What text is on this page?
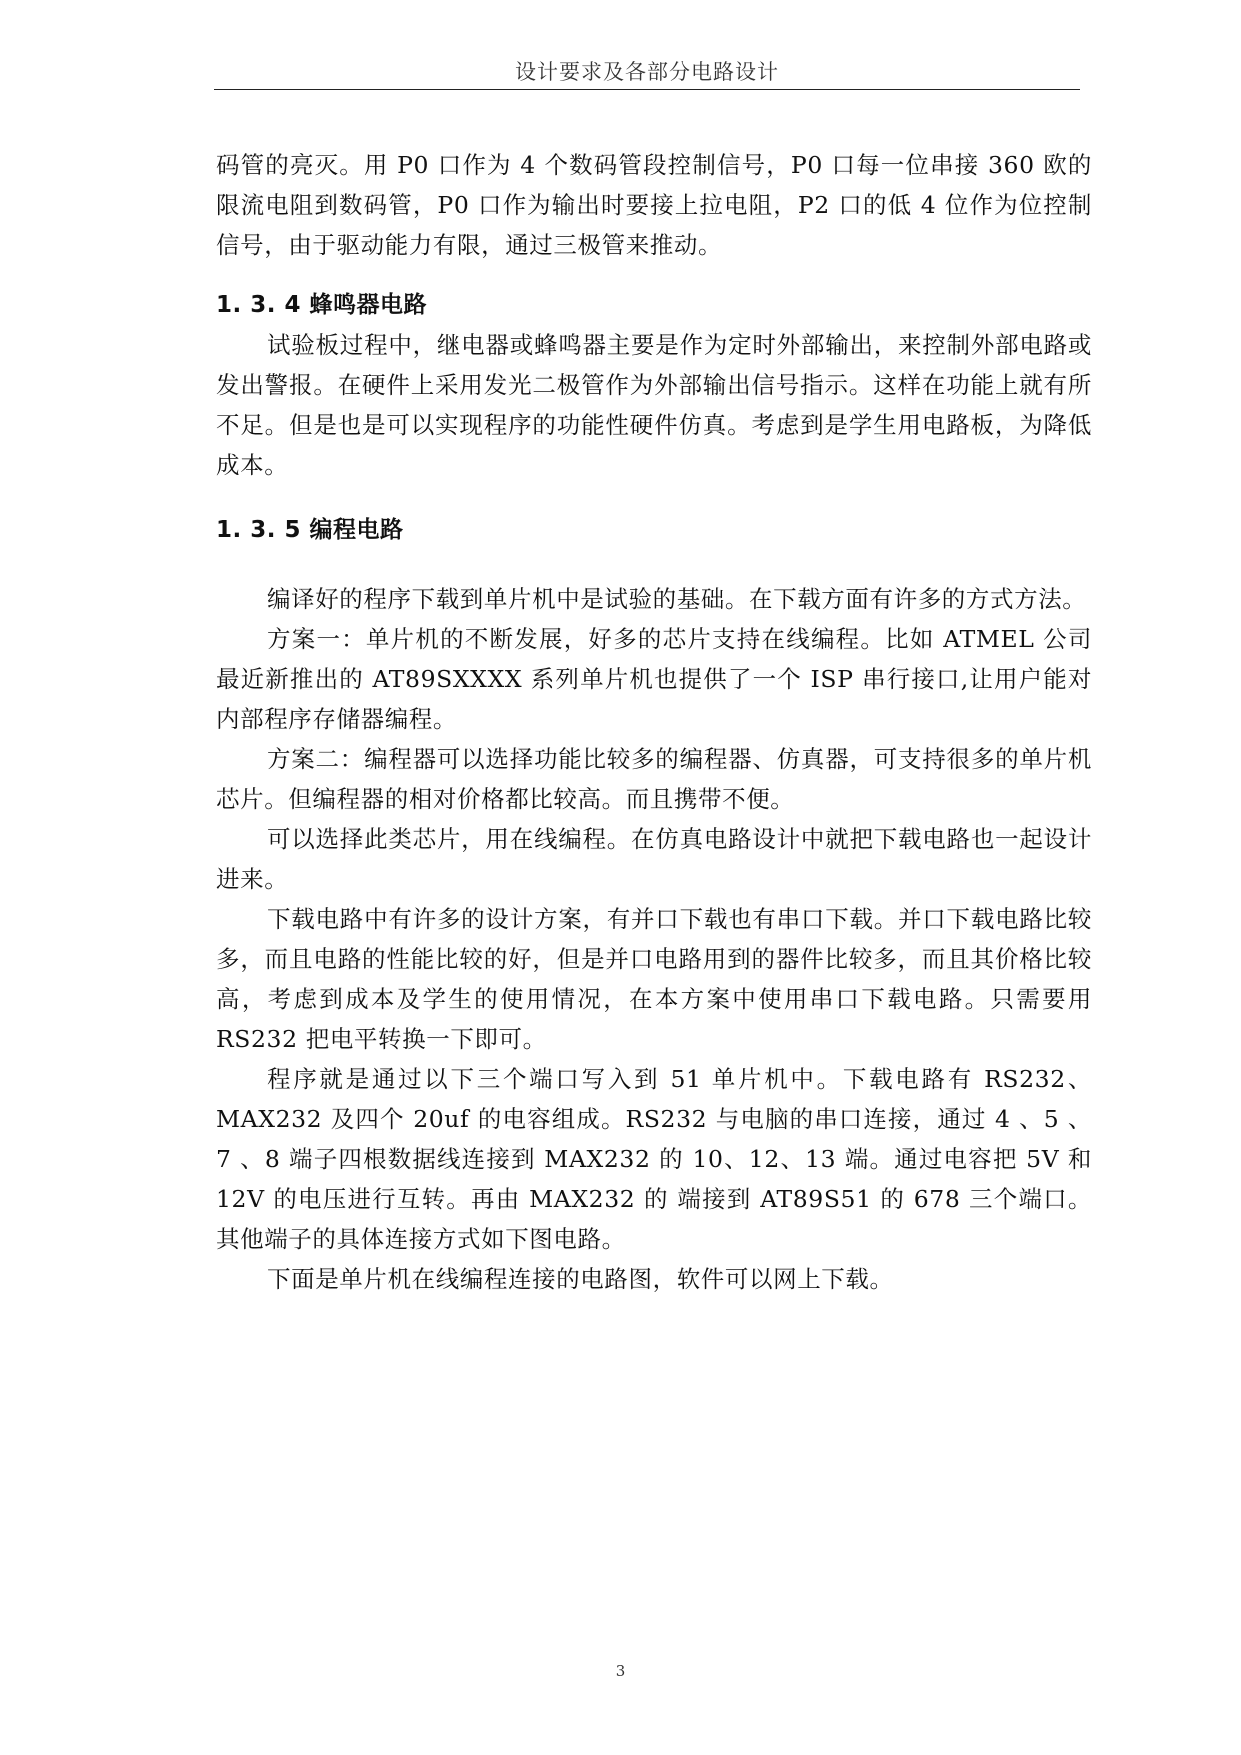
设计要求及各部分电路设计

码管的亮灭。用 P0 口作为 4 个数码管段控制信号，P0 口每一位串接 360 欧的限流电阻到数码管，P0 口作为输出时要接上拉电阻，P2 口的低 4 位作为位控制信号，由于驱动能力有限，通过三极管来推动。

1. 3. 4 蜂鸣器电路

试验板过程中，继电器或蜂鸣器主要是作为定时外部输出，来控制外部电路或发出警报。在硬件上采用发光二极管作为外部输出信号指示。这样在功能上就有所不足。但是也是可以实现程序的功能性硬件仿真。考虑到是学生用电路板，为降低成本。

1. 3. 5 编程电路

编译好的程序下载到单片机中是试验的基础。在下载方面有许多的方式方法。

方案一：单片机的不断发展，好多的芯片支持在线编程。比如 ATMEL 公司最近新推出的 AT89SXXXX 系列单片机也提供了一个 ISP 串行接口,让用户能对内部程序存储器编程。

方案二：编程器可以选择功能比较多的编程器、仿真器，可支持很多的单片机芯片。但编程器的相对价格都比较高。而且携带不便。

可以选择此类芯片，用在线编程。在仿真电路设计中就把下载电路也一起设计进来。

下载电路中有许多的设计方案，有并口下载也有串口下载。并口下载电路比较多，而且电路的性能比较的好，但是并口电路用到的器件比较多，而且其价格比较高，考虑到成本及学生的使用情况，在本方案中使用串口下载电路。只需要用 RS232 把电平转换一下即可。

程序就是通过以下三个端口写入到 51 单片机中。下载电路有 RS232、MAX232 及四个 20uf 的电容组成。RS232 与电脑的串口连接，通过 4 、5 、7 、8 端子四根数据线连接到 MAX232 的 10、12、13 端。通过电容把 5V 和 12V 的电压进行互转。再由 MAX232 的 端接到 AT89S51 的 678 三个端口。其他端子的具体连接方式如下图电路。

下面是单片机在线编程连接的电路图，软件可以网上下载。

3
